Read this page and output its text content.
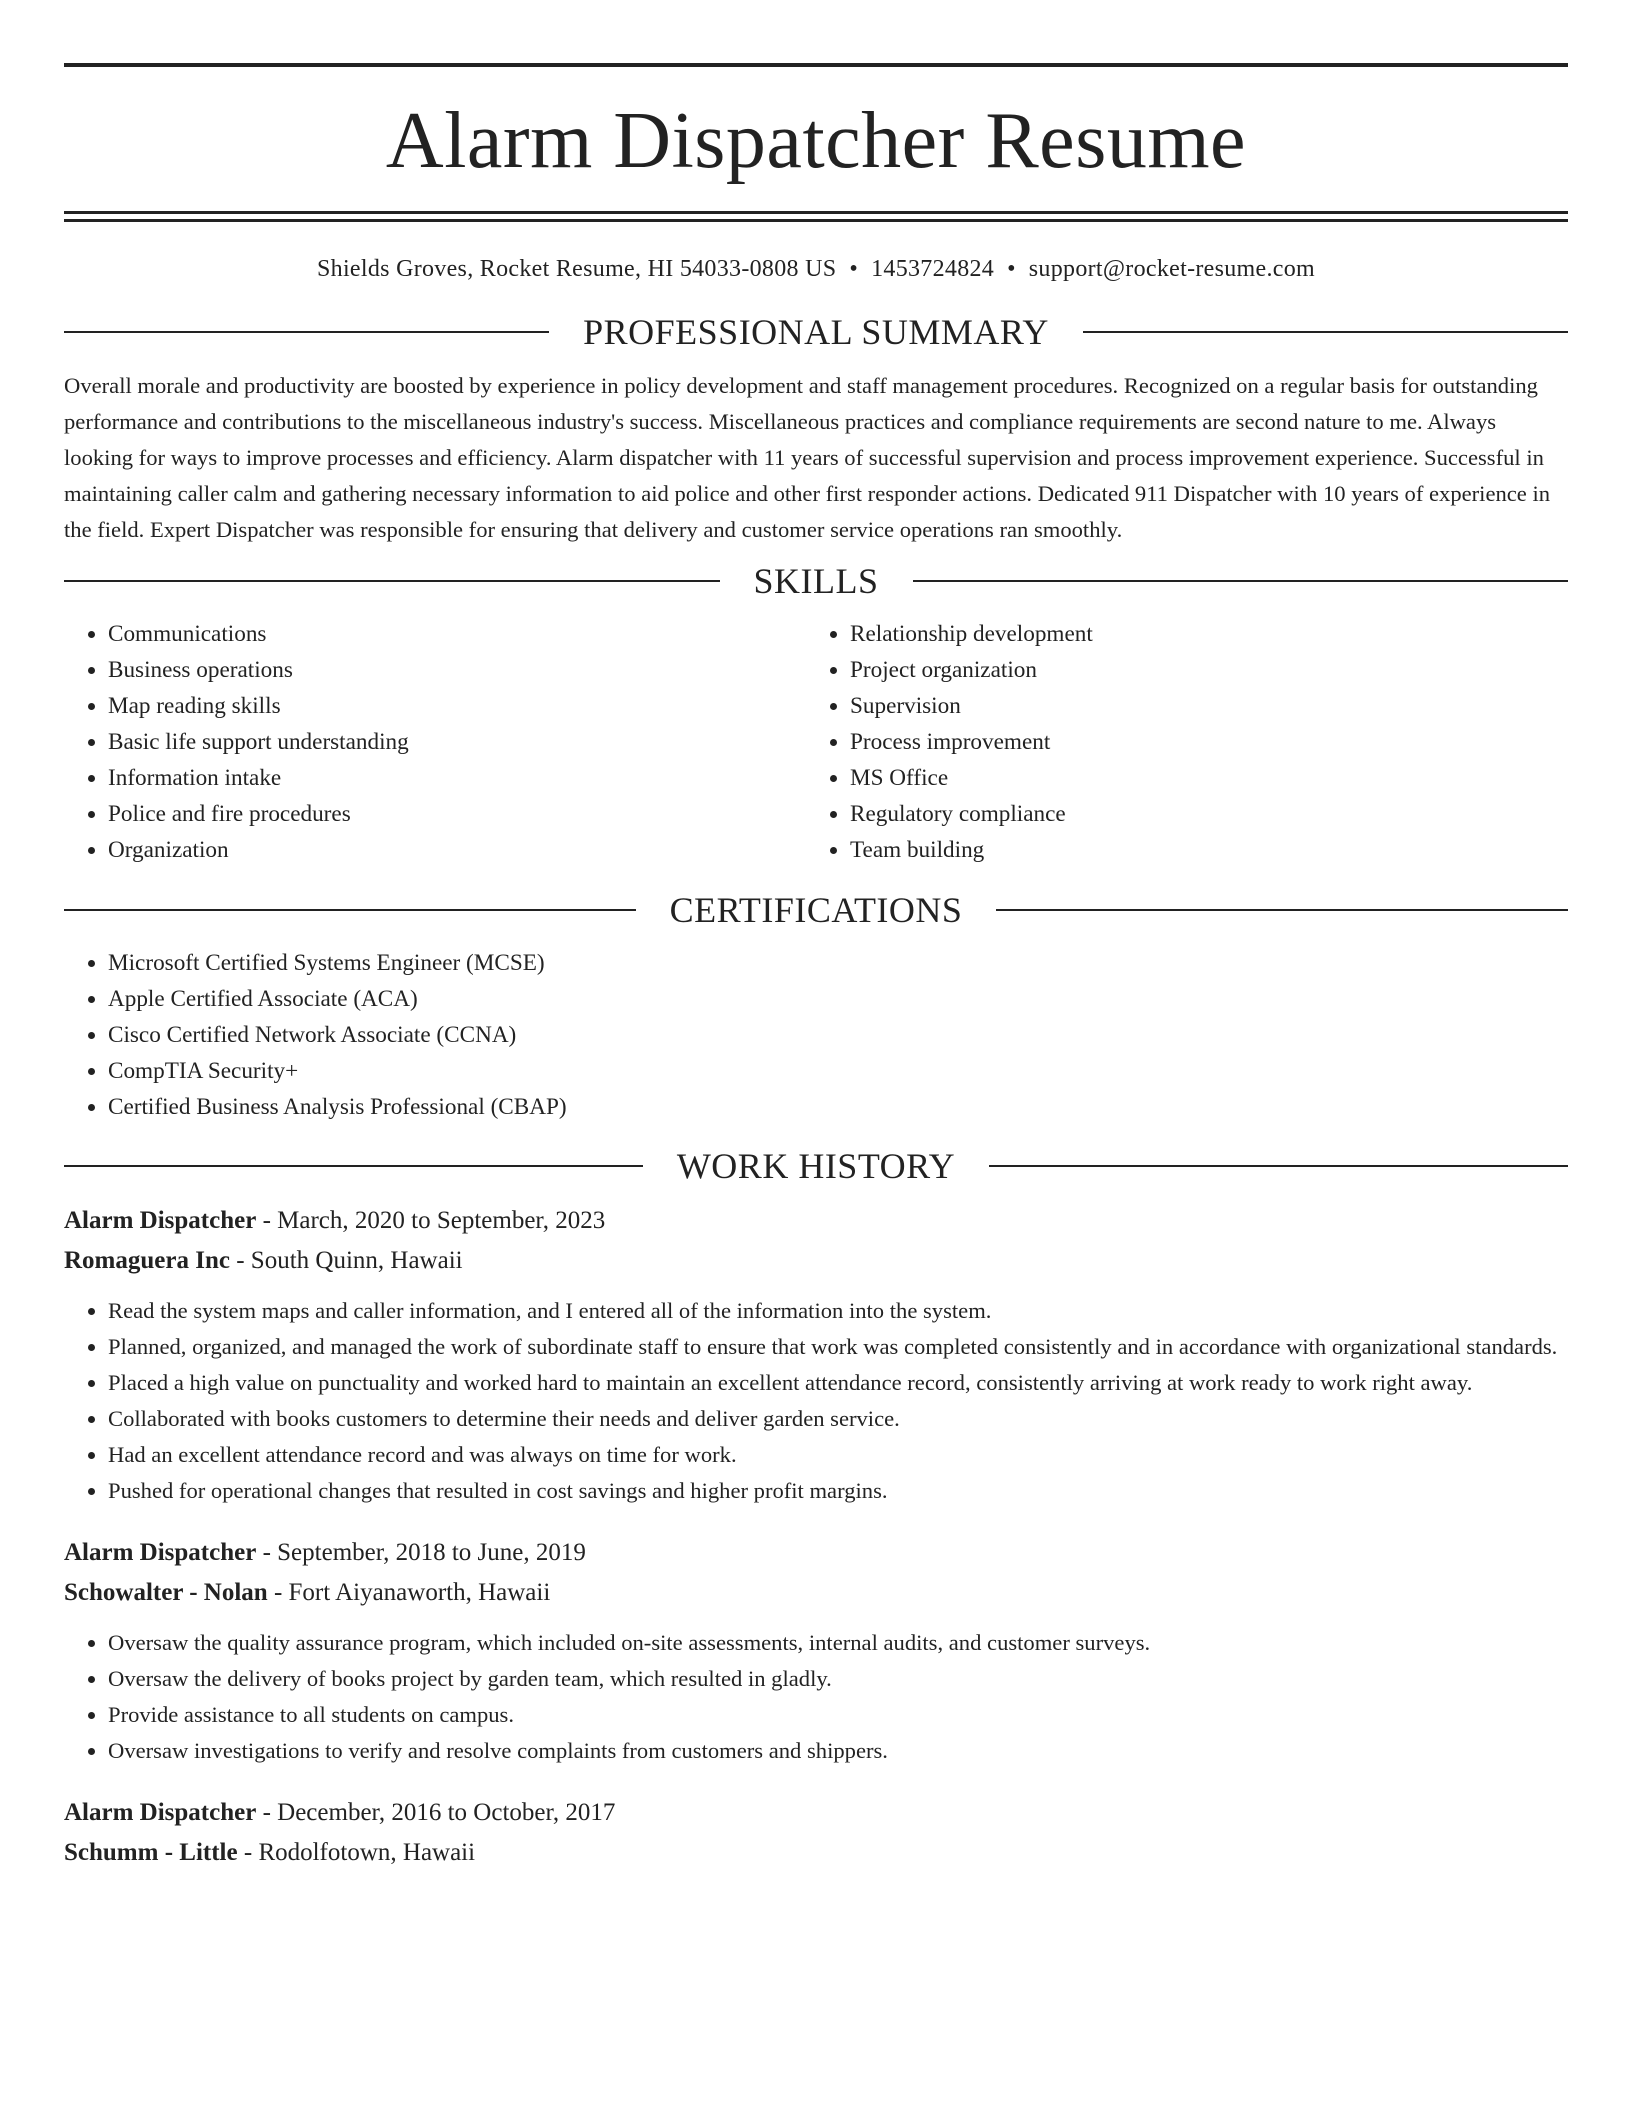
Alarm Dispatcher Resume
Shields Groves, Rocket Resume, HI 54033-0808 US • 1453724824 • support@rocket-resume.com
PROFESSIONAL SUMMARY
Overall morale and productivity are boosted by experience in policy development and staff management procedures. Recognized on a regular basis for outstanding performance and contributions to the miscellaneous industry's success. Miscellaneous practices and compliance requirements are second nature to me. Always looking for ways to improve processes and efficiency. Alarm dispatcher with 11 years of successful supervision and process improvement experience. Successful in maintaining caller calm and gathering necessary information to aid police and other first responder actions. Dedicated 911 Dispatcher with 10 years of experience in the field. Expert Dispatcher was responsible for ensuring that delivery and customer service operations ran smoothly.
SKILLS
• Communications
• Business operations
• Map reading skills
• Basic life support understanding
• Information intake
• Police and fire procedures
• Organization
• Relationship development
• Project organization
• Supervision
• Process improvement
• MS Office
• Regulatory compliance
• Team building
CERTIFICATIONS
• Microsoft Certified Systems Engineer (MCSE)
• Apple Certified Associate (ACA)
• Cisco Certified Network Associate (CCNA)
• CompTIA Security+
• Certified Business Analysis Professional (CBAP)
WORK HISTORY
Alarm Dispatcher - March, 2020 to September, 2023
Romaguera Inc - South Quinn, Hawaii
• Read the system maps and caller information, and I entered all of the information into the system.
• Planned, organized, and managed the work of subordinate staff to ensure that work was completed consistently and in accordance with organizational standards.
• Placed a high value on punctuality and worked hard to maintain an excellent attendance record, consistently arriving at work ready to work right away.
• Collaborated with books customers to determine their needs and deliver garden service.
• Had an excellent attendance record and was always on time for work.
• Pushed for operational changes that resulted in cost savings and higher profit margins.
Alarm Dispatcher - September, 2018 to June, 2019
Schowalter - Nolan - Fort Aiyanaworth, Hawaii
• Oversaw the quality assurance program, which included on-site assessments, internal audits, and customer surveys.
• Oversaw the delivery of books project by garden team, which resulted in gladly.
• Provide assistance to all students on campus.
• Oversaw investigations to verify and resolve complaints from customers and shippers.
Alarm Dispatcher - December, 2016 to October, 2017
Schumm - Little - Rodolfotown, Hawaii
